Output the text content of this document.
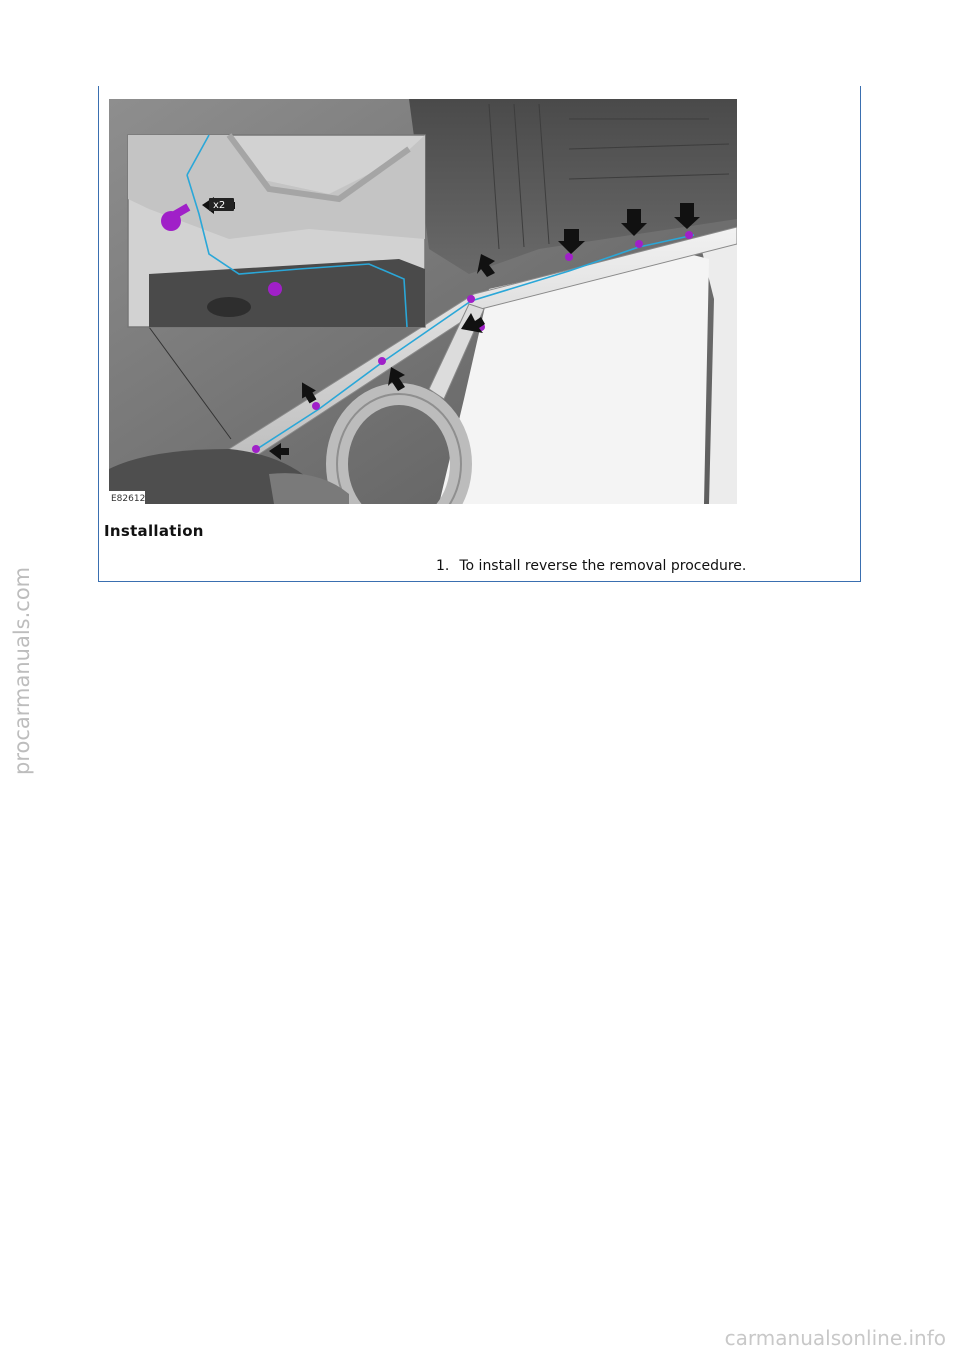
x2
E82612
Installation
1. To install reverse the removal procedure.
procarmanuals.com
carmanualsonline.info
